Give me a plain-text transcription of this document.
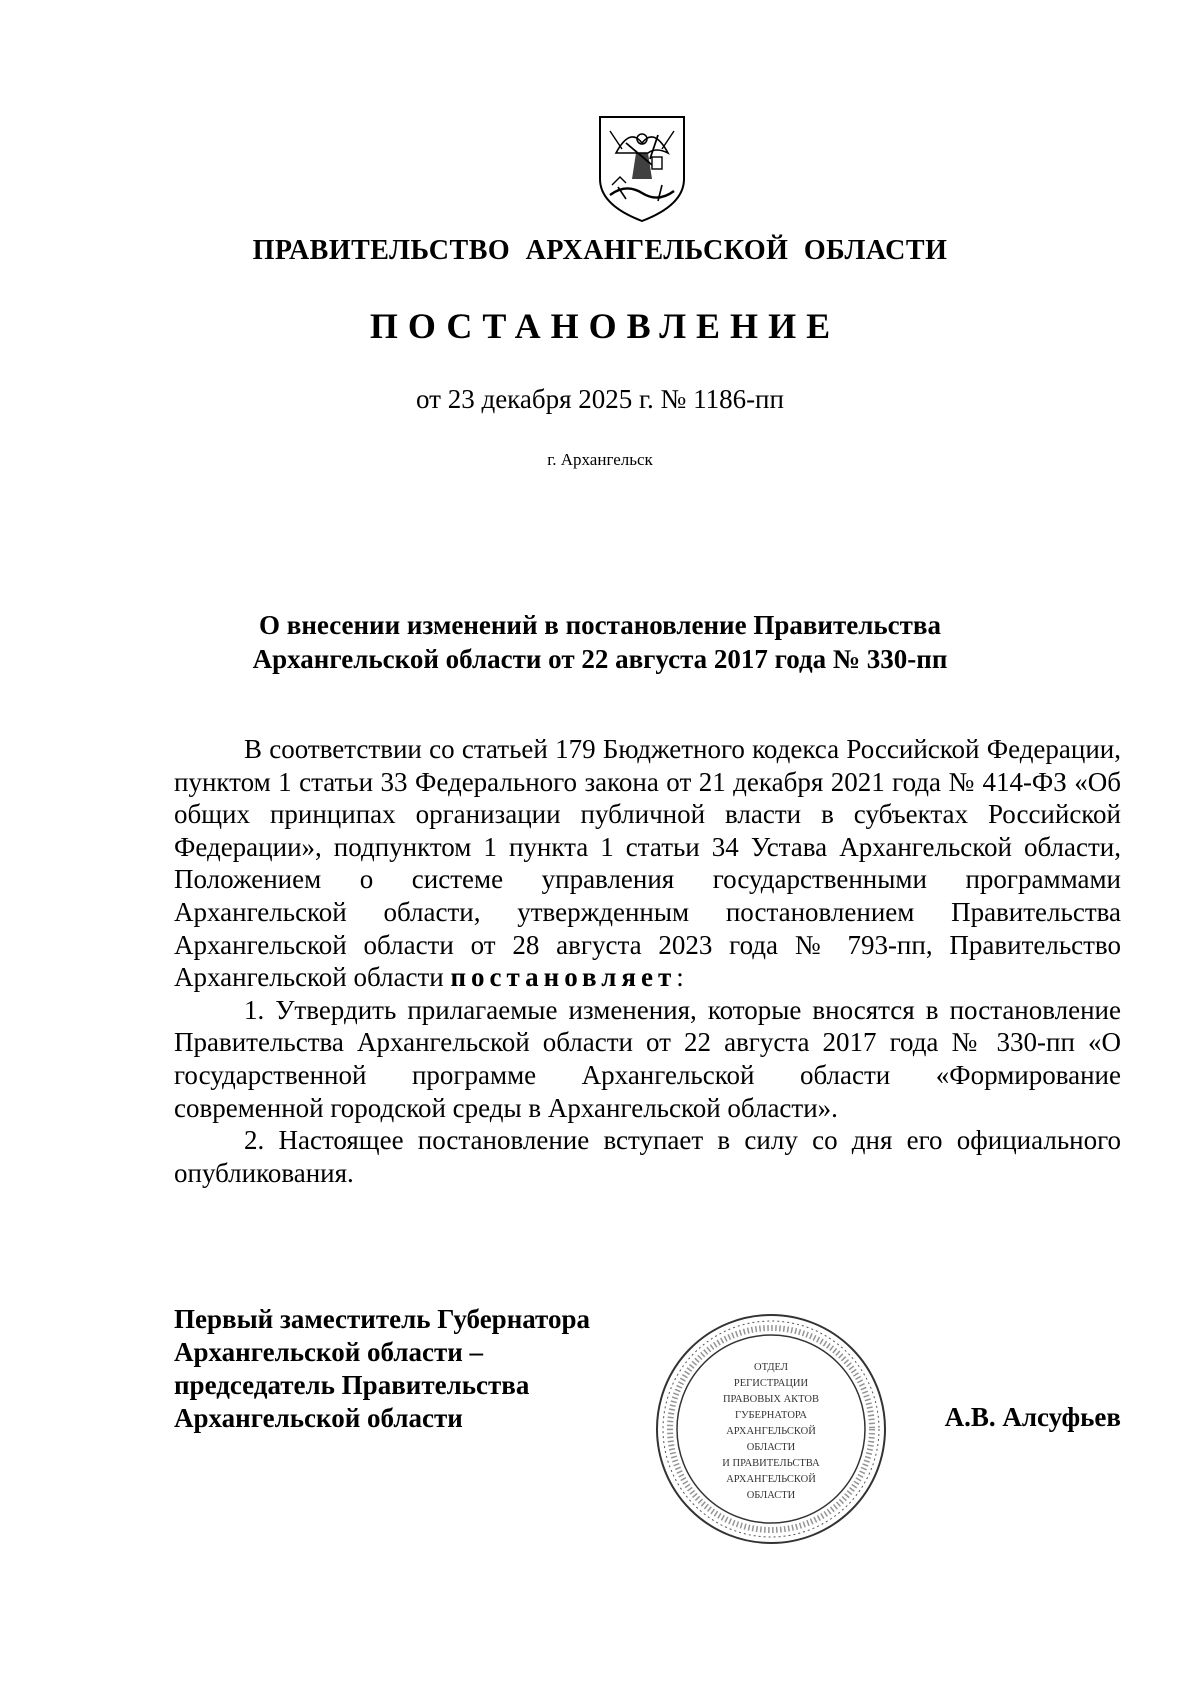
ПРАВИТЕЛЬСТВО АРХАНГЕЛЬСКОЙ ОБЛАСТИ
ПОСТАНОВЛЕНИЕ
от 23 декабря 2025 г. № 1186-пп
г. Архангельск
О внесении изменений в постановление Правительства
Архангельской области от 22 августа 2017 года № 330-пп

В соответствии со статьей 179 Бюджетного кодекса Российской Федерации, пунктом 1 статьи 33 Федерального закона от 21 декабря 2021 года № 414-ФЗ «Об общих принципах организации публичной власти в субъектах Российской Федерации», подпунктом 1 пункта 1 статьи 34 Устава Архангельской области, Положением о системе управления государственными программами Архангельской области, утвержденным постановлением Правительства Архангельской области от 28 августа 2023 года № 793-пп, Правительство Архангельской области постановляет:

1. Утвердить прилагаемые изменения, которые вносятся в постановление Правительства Архангельской области от 22 августа 2017 года № 330-пп «О государственной программе Архангельской области «Формирование современной городской среды в Архангельской области».

2. Настоящее постановление вступает в силу со дня его официального опубликования.

Первый заместитель Губернатора
Архангельской области –
председатель Правительства
Архангельской области
ОТДЕЛ
РЕГИСТРАЦИИ
ПРАВОВЫХ АКТОВ
ГУБЕРНАТОРА
АРХАНГЕЛЬСКОЙ
ОБЛАСТИ
И ПРАВИТЕЛЬСТВА
АРХАНГЕЛЬСКОЙ
ОБЛАСТИ
А.В. Алсуфьев
